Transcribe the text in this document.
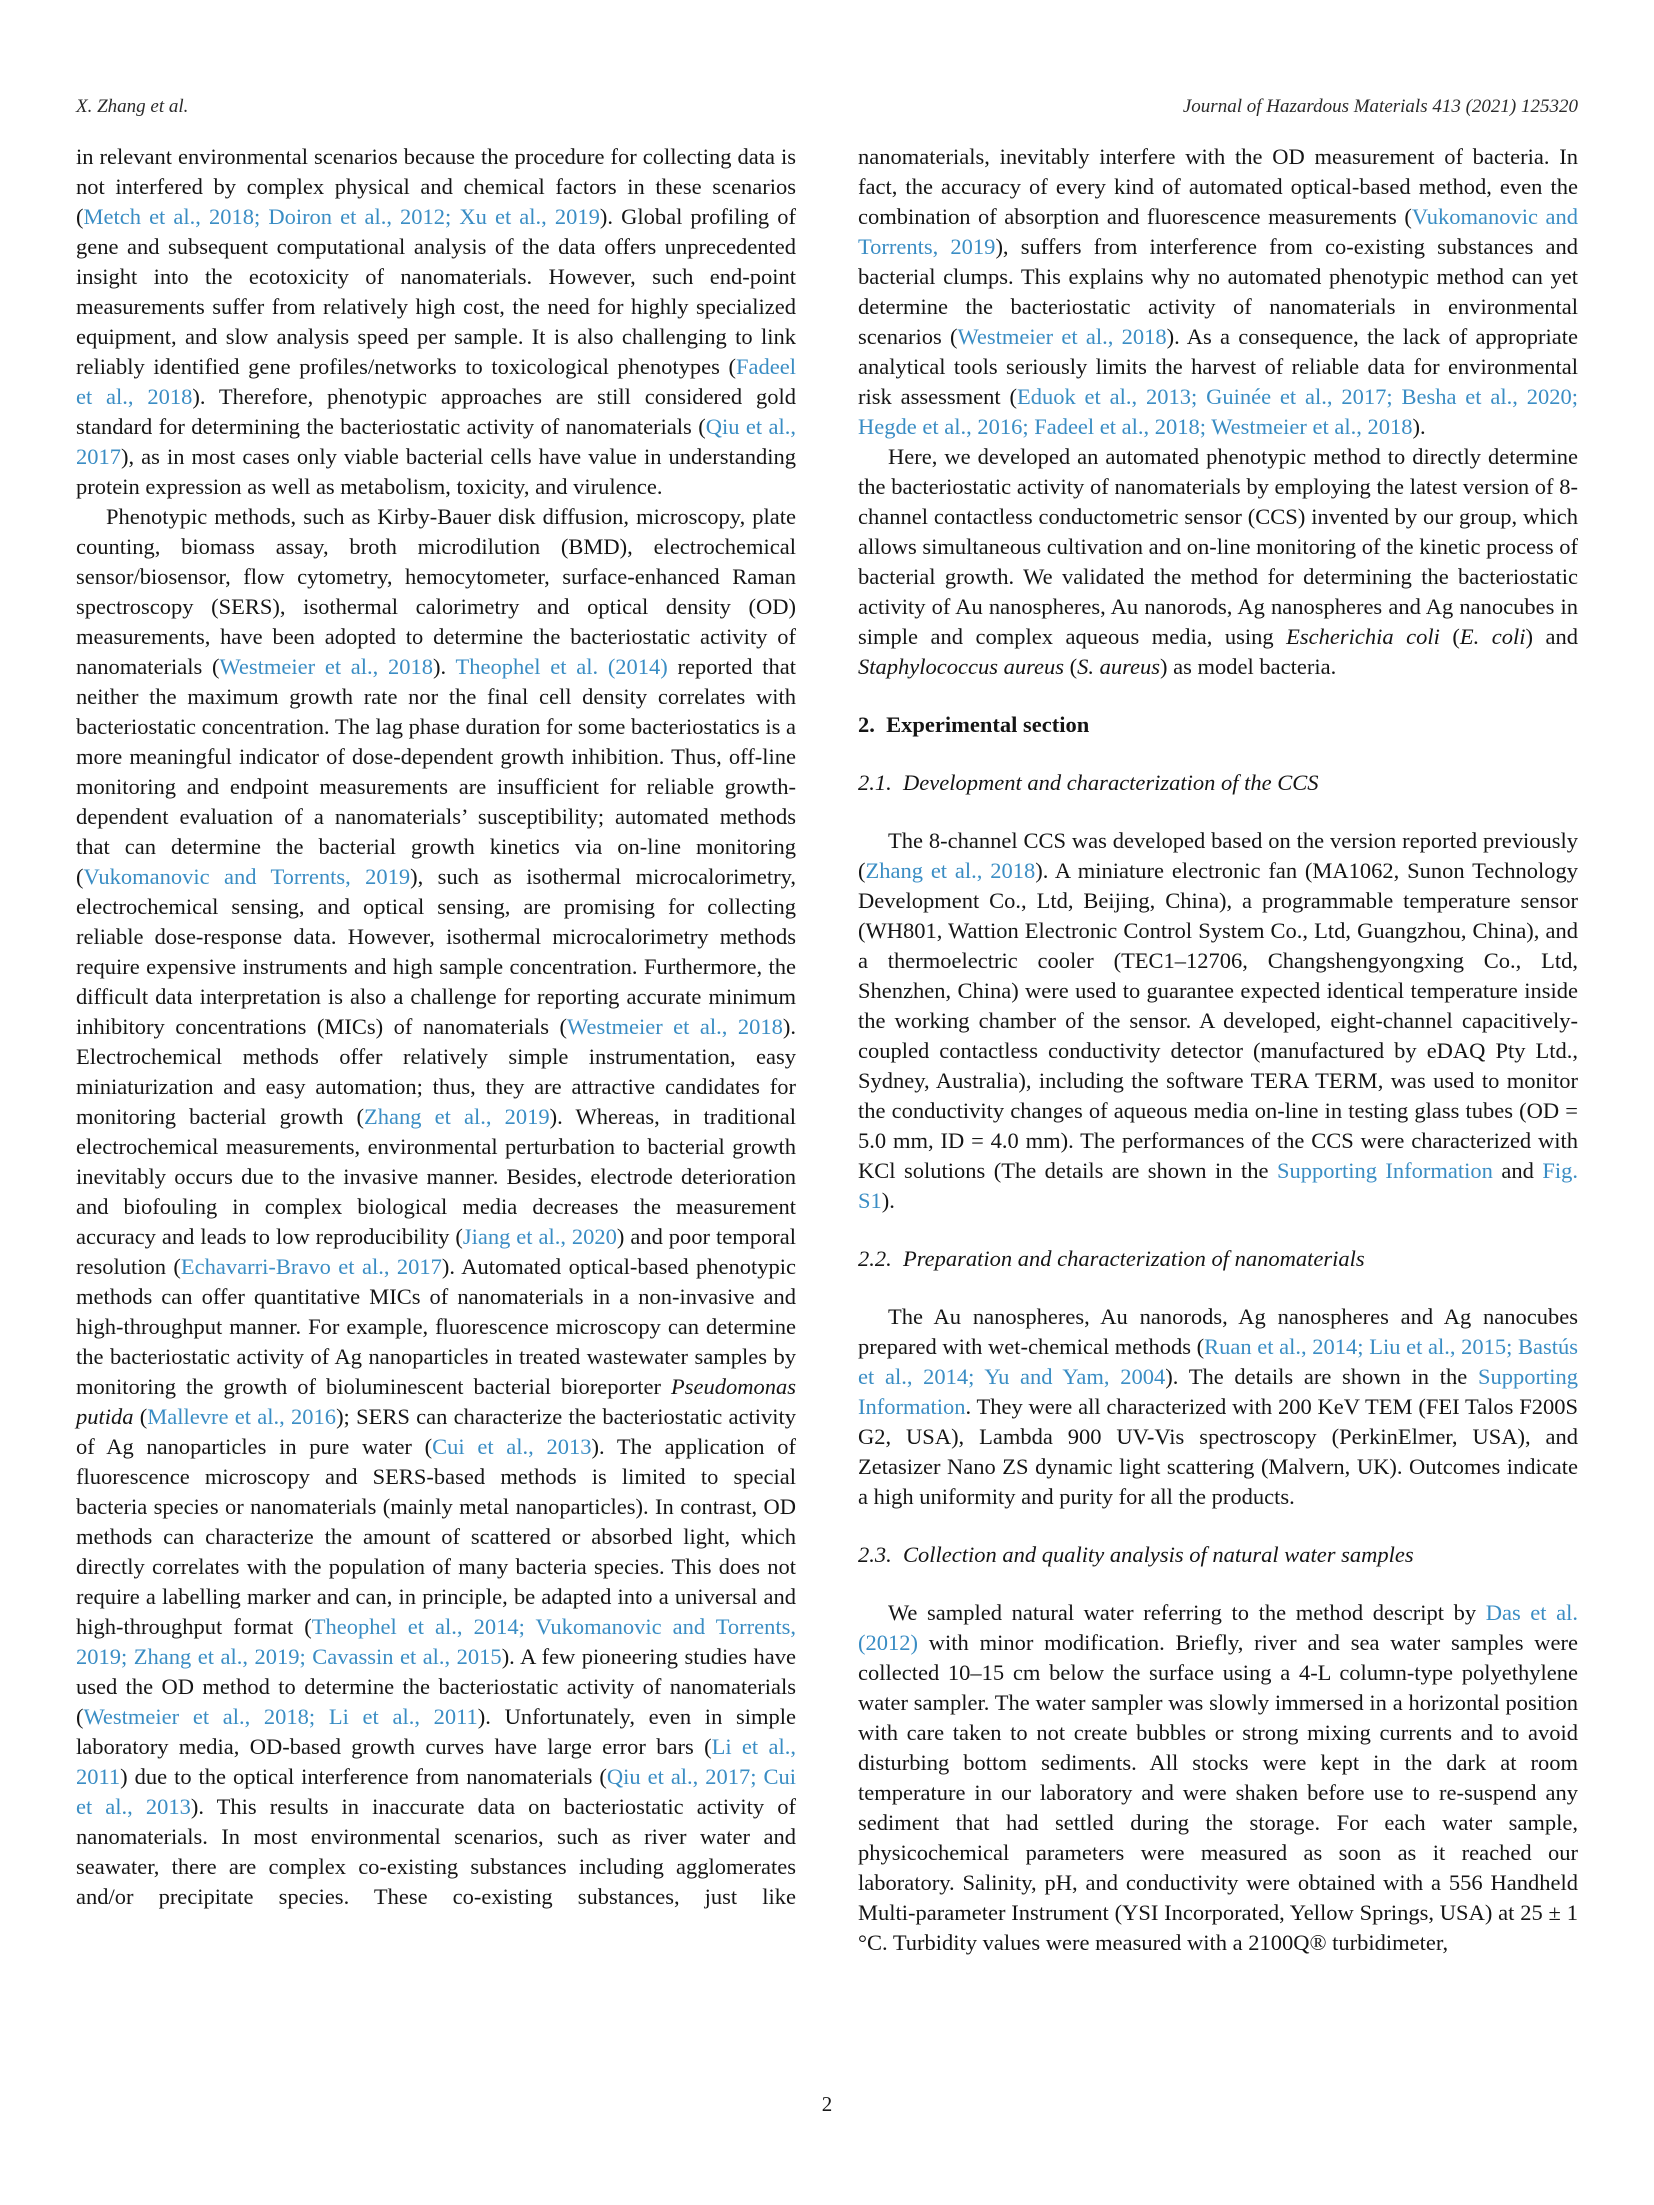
X. Zhang et al.	Journal of Hazardous Materials 413 (2021) 125320

in relevant environmental scenarios because the procedure for collecting data is not interfered by complex physical and chemical factors in these scenarios (Metch et al., 2018; Doiron et al., 2012; Xu et al., 2019). Global profiling of gene and subsequent computational analysis of the data offers unprecedented insight into the ecotoxicity of nanomaterials. However, such end-point measurements suffer from relatively high cost, the need for highly specialized equipment, and slow analysis speed per sample. It is also challenging to link reliably identified gene profiles/networks to toxicological phenotypes (Fadeel et al., 2018). Therefore, phenotypic approaches are still considered gold standard for determining the bacteriostatic activity of nanomaterials (Qiu et al., 2017), as in most cases only viable bacterial cells have value in understanding protein expression as well as metabolism, toxicity, and virulence.

Phenotypic methods, such as Kirby-Bauer disk diffusion, microscopy, plate counting, biomass assay, broth microdilution (BMD), electrochemical sensor/biosensor, flow cytometry, hemocytometer, surface-enhanced Raman spectroscopy (SERS), isothermal calorimetry and optical density (OD) measurements, have been adopted to determine the bacteriostatic activity of nanomaterials (Westmeier et al., 2018). Theophel et al. (2014) reported that neither the maximum growth rate nor the final cell density correlates with bacteriostatic concentration. The lag phase duration for some bacteriostatics is a more meaningful indicator of dose-dependent growth inhibition. Thus, off-line monitoring and endpoint measurements are insufficient for reliable growth-dependent evaluation of a nanomaterials’ susceptibility; automated methods that can determine the bacterial growth kinetics via on-line monitoring (Vukomanovic and Torrents, 2019), such as isothermal microcalorimetry, electrochemical sensing, and optical sensing, are promising for collecting reliable dose-response data. However, isothermal microcalorimetry methods require expensive instruments and high sample concentration. Furthermore, the difficult data interpretation is also a challenge for reporting accurate minimum inhibitory concentrations (MICs) of nanomaterials (Westmeier et al., 2018). Electrochemical methods offer relatively simple instrumentation, easy miniaturization and easy automation; thus, they are attractive candidates for monitoring bacterial growth (Zhang et al., 2019). Whereas, in traditional electrochemical measurements, environmental perturbation to bacterial growth inevitably occurs due to the invasive manner. Besides, electrode deterioration and biofouling in complex biological media decreases the measurement accuracy and leads to low reproducibility (Jiang et al., 2020) and poor temporal resolution (Echavarri-Bravo et al., 2017). Automated optical-based phenotypic methods can offer quantitative MICs of nanomaterials in a non-invasive and high-throughput manner. For example, fluorescence microscopy can determine the bacteriostatic activity of Ag nanoparticles in treated wastewater samples by monitoring the growth of bioluminescent bacterial bioreporter Pseudomonas putida (Mallevre et al., 2016); SERS can characterize the bacteriostatic activity of Ag nanoparticles in pure water (Cui et al., 2013). The application of fluorescence microscopy and SERS-based methods is limited to special bacteria species or nanomaterials (mainly metal nanoparticles). In contrast, OD methods can characterize the amount of scattered or absorbed light, which directly correlates with the population of many bacteria species. This does not require a labelling marker and can, in principle, be adapted into a universal and high-throughput format (Theophel et al., 2014; Vukomanovic and Torrents, 2019; Zhang et al., 2019; Cavassin et al., 2015). A few pioneering studies have used the OD method to determine the bacteriostatic activity of nanomaterials (Westmeier et al., 2018; Li et al., 2011). Unfortunately, even in simple laboratory media, OD-based growth curves have large error bars (Li et al., 2011) due to the optical interference from nanomaterials (Qiu et al., 2017; Cui et al., 2013). This results in inaccurate data on bacteriostatic activity of nanomaterials. In most environmental scenarios, such as river water and seawater, there are complex co-existing substances including agglomerates and/or precipitate species. These co-existing substances, just like

nanomaterials, inevitably interfere with the OD measurement of bacteria. In fact, the accuracy of every kind of automated optical-based method, even the combination of absorption and fluorescence measurements (Vukomanovic and Torrents, 2019), suffers from interference from co-existing substances and bacterial clumps. This explains why no automated phenotypic method can yet determine the bacteriostatic activity of nanomaterials in environmental scenarios (Westmeier et al., 2018). As a consequence, the lack of appropriate analytical tools seriously limits the harvest of reliable data for environmental risk assessment (Eduok et al., 2013; Guinée et al., 2017; Besha et al., 2020; Hegde et al., 2016; Fadeel et al., 2018; Westmeier et al., 2018).

Here, we developed an automated phenotypic method to directly determine the bacteriostatic activity of nanomaterials by employing the latest version of 8-channel contactless conductometric sensor (CCS) invented by our group, which allows simultaneous cultivation and on-line monitoring of the kinetic process of bacterial growth. We validated the method for determining the bacteriostatic activity of Au nanospheres, Au nanorods, Ag nanospheres and Ag nanocubes in simple and complex aqueous media, using Escherichia coli (E. coli) and Staphylococcus aureus (S. aureus) as model bacteria.

2. Experimental section
2.1. Development and characterization of the CCS

The 8-channel CCS was developed based on the version reported previously (Zhang et al., 2018). A miniature electronic fan (MA1062, Sunon Technology Development Co., Ltd, Beijing, China), a programmable temperature sensor (WH801, Wattion Electronic Control System Co., Ltd, Guangzhou, China), and a thermoelectric cooler (TEC1–12706, Changshengyongxing Co., Ltd, Shenzhen, China) were used to guarantee expected identical temperature inside the working chamber of the sensor. A developed, eight-channel capacitively-coupled contactless conductivity detector (manufactured by eDAQ Pty Ltd., Sydney, Australia), including the software TERA TERM, was used to monitor the conductivity changes of aqueous media on-line in testing glass tubes (OD = 5.0 mm, ID = 4.0 mm). The performances of the CCS were characterized with KCl solutions (The details are shown in the Supporting Information and Fig. S1).

2.2. Preparation and characterization of nanomaterials

The Au nanospheres, Au nanorods, Ag nanospheres and Ag nanocubes prepared with wet-chemical methods (Ruan et al., 2014; Liu et al., 2015; Bastús et al., 2014; Yu and Yam, 2004). The details are shown in the Supporting Information. They were all characterized with 200 KeV TEM (FEI Talos F200S G2, USA), Lambda 900 UV-Vis spectroscopy (PerkinElmer, USA), and Zetasizer Nano ZS dynamic light scattering (Malvern, UK). Outcomes indicate a high uniformity and purity for all the products.

2.3. Collection and quality analysis of natural water samples

We sampled natural water referring to the method descript by Das et al. (2012) with minor modification. Briefly, river and sea water samples were collected 10–15 cm below the surface using a 4-L column-type polyethylene water sampler. The water sampler was slowly immersed in a horizontal position with care taken to not create bubbles or strong mixing currents and to avoid disturbing bottom sediments. All stocks were kept in the dark at room temperature in our laboratory and were shaken before use to re-suspend any sediment that had settled during the storage. For each water sample, physicochemical parameters were measured as soon as it reached our laboratory. Salinity, pH, and conductivity were obtained with a 556 Handheld Multi-parameter Instrument (YSI Incorporated, Yellow Springs, USA) at 25 ± 1 °C. Turbidity values were measured with a 2100Q® turbidimeter,

2
